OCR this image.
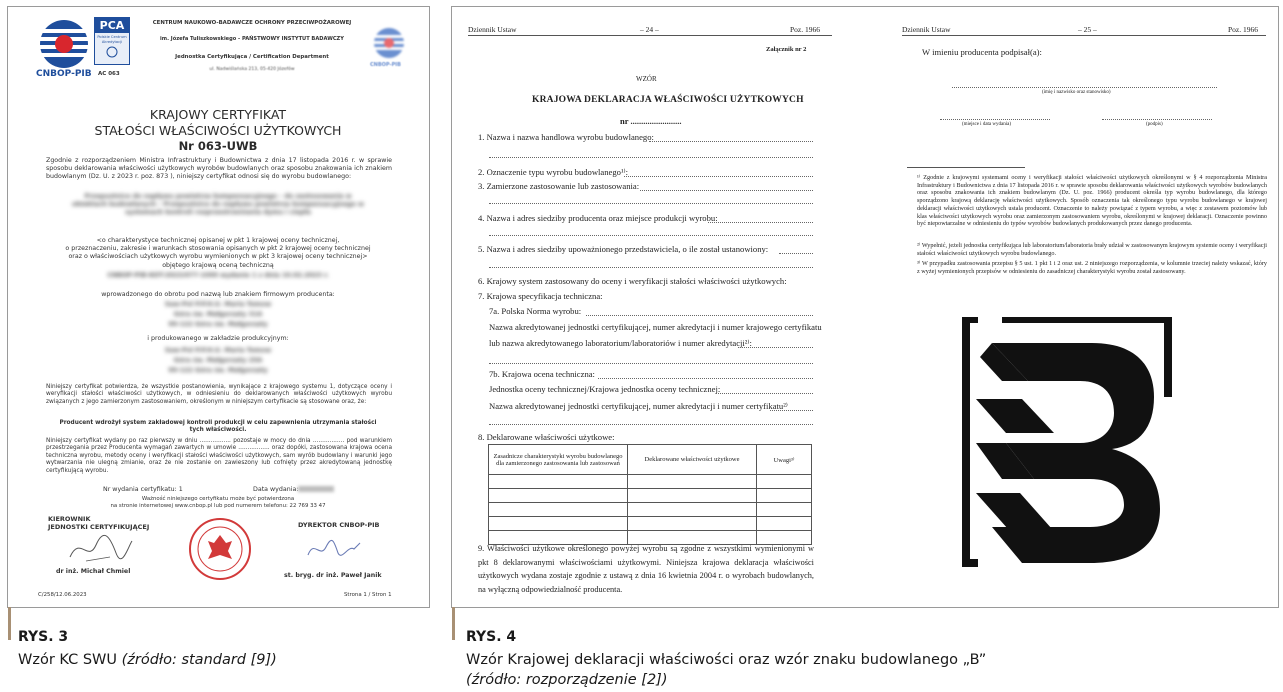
CNBOP-PIB
PCA
Polskie Centrum Akredytacji
AC 063
CENTRUM NAUKOWO-BADAWCZE OCHRONY PRZECIWPOŻAROWEJ
im. Józefa Tuliszkowskiego - PAŃSTWOWY INSTYTUT BADAWCZY
Jednostka Certyfikująca / Certification Department
ul. Nadwiślańska 213, 05-420 Józefów
CNBOP-PIB
KRAJOWY CERTYFIKAT
STAŁOŚCI WŁAŚCIWOŚCI UŻYTKOWYCH
Nr 063-UWB
Zgodnie z rozporządzeniem Ministra Infrastruktury i Budownictwa z dnia 17 listopada 2016 r. w sprawie sposobu deklarowania właściwości użytkowych wyrobów budowlanych oraz sposobu znakowania ich znakiem budowlanym (Dz. U. z 2023 r. poz. 873 ), niniejszy certyfikat odnosi się do wyrobu budowlanego:
Przepustnice do napływu powietrza kompensacyjnego – do zastosowania w obiektach budowlanych – Przepustnice do napływu powietrza kompensacyjnego w systemach kontroli rozprzestrzeniania dymu i ciepła
<o charakterystyce technicznej opisanej w pkt 1 krajowej oceny technicznej,
o przeznaczeniu, zakresie i warunkach stosowania opisanych w pkt 2 krajowej oceny technicznej
oraz o właściwościach użytkowych wyrobu wymienionych w pkt 3 krajowej oceny technicznej>
objętego krajową oceną techniczną
CNBOP-PIB-KOT-2023/077-1099 wydanie 1 z dnia 10.02.2023 r.
wprowadzonego do obrotu pod nazwą lub znakiem firmowym producenta:
Saw-Pol P.P.H.U. Maria Tomow
Góra św. Małgorzaty 31A
99-122 Góra św. Małgorzaty
i produkowanego w zakładzie produkcyjnym:
Saw-Pol P.P.H.U. Maria Tomow
Góra św. Małgorzaty 25A
99-122 Góra św. Małgorzaty
Niniejszy certyfikat potwierdza, że wszystkie postanowienia, wynikające z krajowego systemu 1, dotyczące oceny i weryfikacji stałości właściwości użytkowych, w odniesieniu do deklarowanych właściwości użytkowych wyrobu związanych z jego zamierzonym zastosowaniem, określonym w niniejszym certyfikacie są stosowane oraz, że:
Producent wdrożył system zakładowej kontroli produkcji w celu zapewnienia utrzymania stałości tych właściwości.
Niniejszy certyfikat wydany po raz pierwszy w dniu ................. pozostaje w mocy do dnia ................. pod warunkiem przestrzegania przez Producenta wymagań zawartych w umowie ................. oraz dopóki, zastosowana krajowa ocena techniczna wyrobu, metody oceny i weryfikacji stałości właściwości użytkowych, sam wyrób budowlany i warunki jego wytwarzania nie ulegną zmianie, oraz że nie zostanie on zawieszony lub cofnięty przez akredytowaną jednostkę certyfikującą wyrobu.
Nr wydania certyfikatu: 1	Data wydania:
Ważność niniejszego certyfikatu może być potwierdzona
na stronie internetowej www.cnbop.pl lub pod numerem telefonu: 22 769 33 47
KIEROWNIK
JEDNOSTKI CERTYFIKUJĄCEJ
dr inż. Michał Chmiel
DYREKTOR CNBOP-PIB
st. bryg. dr inż. Paweł Janik
C/258/12.06.2023	Strona 1 / Stron 1
Dziennik Ustaw	– 24 –	Poz. 1966
Załącznik nr 2
WZÓR
KRAJOWA DEKLARACJA WŁAŚCIWOŚCI UŻYTKOWYCH
nr ........................
1. Nazwa i nazwa handlowa wyrobu budowlanego:
2. Oznaczenie typu wyrobu budowlanego¹⁾:
3. Zamierzone zastosowanie lub zastosowania:
4. Nazwa i adres siedziby producenta oraz miejsce produkcji wyrobu:
5. Nazwa i adres siedziby upoważnionego przedstawiciela, o ile został ustanowiony:
6. Krajowy system zastosowany do oceny i weryfikacji stałości właściwości użytkowych:
7. Krajowa specyfikacja techniczna:
7a. Polska Norma wyrobu:
Nazwa akredytowanej jednostki certyfikującej, numer akredytacji i numer krajowego certyfikatu
lub nazwa akredytowanego laboratorium/laboratoriów i numer akredytacji²⁾:
7b. Krajowa ocena techniczna:
Jednostka oceny technicznej/Krajowa jednostka oceny technicznej:
Nazwa akredytowanej jednostki certyfikującej, numer akredytacji i numer certyfikatu²⁾
8. Deklarowane właściwości użytkowe:
Zasadnicze charakterystyki wyrobu budowlanego dla zamierzonego zastosowania lub zastosowań	Deklarowane właściwości użytkowe	Uwagi³⁾

9. Właściwości użytkowe określonego powyżej wyrobu są zgodne z wszystkimi wymienionymi w pkt 8 deklarowanymi właściwościami użytkowymi. Niniejsza krajowa deklaracja właściwości użytkowych wydana zostaje zgodnie z ustawą z dnia 16 kwietnia 2004 r. o wyrobach budowlanych, na wyłączną odpowiedzialność producenta.
Dziennik Ustaw	– 25 –	Poz. 1966
W imieniu producenta podpisał(a):
(imię i nazwisko oraz stanowisko)
(miejsce i data wydania)	(podpis)
¹⁾ Zgodnie z krajowymi systemami oceny i weryfikacji stałości właściwości użytkowych określonymi w § 4 rozporządzenia Ministra Infrastruktury i Budownictwa z dnia 17 listopada 2016 r. w sprawie sposobu deklarowania właściwości użytkowych wyrobów budowlanych oraz sposobu znakowania ich znakiem budowlanym (Dz. U. poz. 1966) producent określa typ wyrobu budowlanego, dla którego sporządzono krajową deklarację właściwości użytkowych. Sposób oznaczenia tak określonego typu wyrobu budowlanego w krajowej deklaracji właściwości użytkowych ustala producent. Oznaczenie to należy powiązać z typem wyrobu, a więc z zestawem poziomów lub klas właściwości użytkowych wyrobu oraz zamierzonym zastosowaniem wyrobu, określonymi w krajowej deklaracji. Oznaczenie powinno być niepowtarzalne w odniesieniu do typów wyrobów budowlanych produkowanych przez danego producenta.
²⁾ Wypełnić, jeżeli jednostka certyfikująca lub laboratorium/laboratoria brały udział w zastosowanym krajowym systemie oceny i weryfikacji stałości właściwości użytkowych wyrobu budowlanego.
³⁾ W przypadku zastosowania przepisu § 5 ust. 1 pkt 1 i 2 oraz ust. 2 niniejszego rozporządzenia, w kolumnie trzeciej należy wskazać, który z wyżej wymienionych przepisów w odniesieniu do zasadniczej charakterystyki wyrobu został zastosowany.
RYS. 3
Wzór KC SWU (źródło: standard [9])
RYS. 4
Wzór Krajowej deklaracji właściwości oraz wzór znaku budowlanego „B”
(źródło: rozporządzenie [2])
